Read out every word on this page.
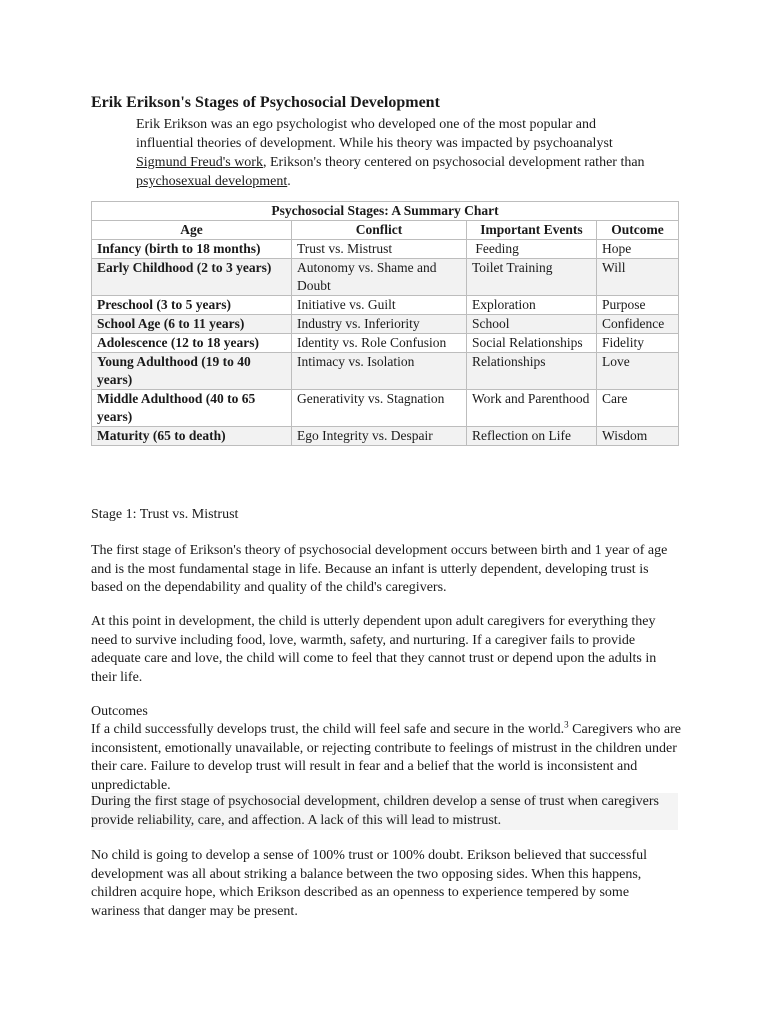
Erik Erikson's Stages of Psychosocial Development

Erik Erikson was an ego psychologist who developed one of the most popular and influential theories of development. While his theory was impacted by psychoanalyst Sigmund Freud's work, Erikson's theory centered on psychosocial development rather than psychosexual development.

Psychosocial Stages: A Summary Chart
Age	Conflict	Important Events	Outcome
Infancy (birth to 18 months)	Trust vs. Mistrust	Feeding	Hope
Early Childhood (2 to 3 years)	Autonomy vs. Shame and Doubt	Toilet Training	Will
Preschool (3 to 5 years)	Initiative vs. Guilt	Exploration	Purpose
School Age (6 to 11 years)	Industry vs. Inferiority	School	Confidence
Adolescence (12 to 18 years)	Identity vs. Role Confusion	Social Relationships	Fidelity
Young Adulthood (19 to 40 years)	Intimacy vs. Isolation	Relationships	Love
Middle Adulthood (40 to 65 years)	Generativity vs. Stagnation	Work and Parenthood	Care
Maturity (65 to death)	Ego Integrity vs. Despair	Reflection on Life	Wisdom

Stage 1: Trust vs. Mistrust

The first stage of Erikson's theory of psychosocial development occurs between birth and 1 year of age and is the most fundamental stage in life. Because an infant is utterly dependent, developing trust is based on the dependability and quality of the child's caregivers.

At this point in development, the child is utterly dependent upon adult caregivers for everything they need to survive including food, love, warmth, safety, and nurturing. If a caregiver fails to provide adequate care and love, the child will come to feel that they cannot trust or depend upon the adults in their life.

Outcomes

If a child successfully develops trust, the child will feel safe and secure in the world.$^3$ Caregivers who are inconsistent, emotionally unavailable, or rejecting contribute to feelings of mistrust in the children under their care. Failure to develop trust will result in fear and a belief that the world is inconsistent and unpredictable.

During the first stage of psychosocial development, children develop a sense of trust when caregivers provide reliability, care, and affection. A lack of this will lead to mistrust.

No child is going to develop a sense of 100% trust or 100% doubt. Erikson believed that successful development was all about striking a balance between the two opposing sides. When this happens, children acquire hope, which Erikson described as an openness to experience tempered by some wariness that danger may be present.
